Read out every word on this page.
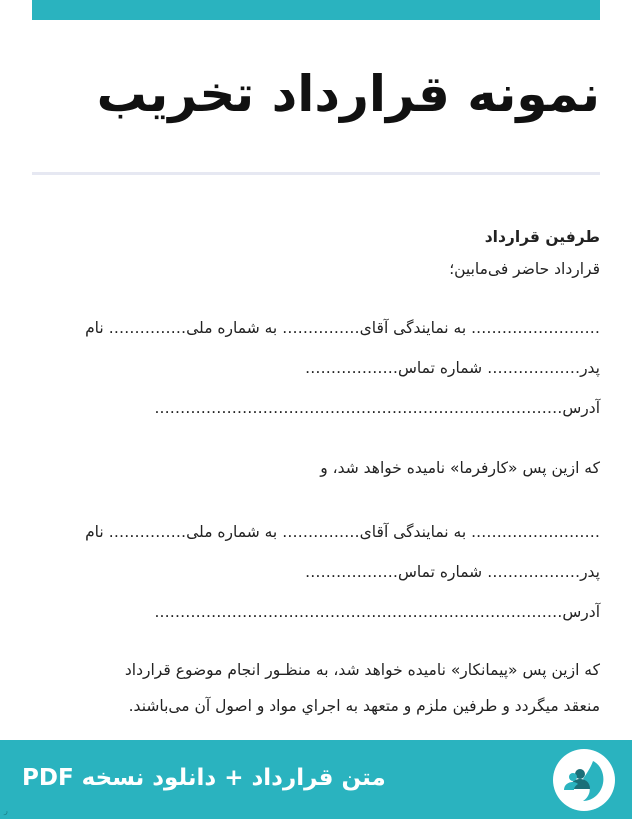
نمونه قرارداد تخریب
طرفین قرارداد
قرارداد حاضر فی‌مابین؛
……………………. به نمایندگی آقای…………… به شماره ملی…………… نام
پدر……………… شماره تماس………………
آدرس…………………………………………………………………….
که ازین پس «کارفرما» نامیده خواهد شد، و
……………………. به نمایندگی آقای…………… به شماره ملی…………… نام
پدر……………… شماره تماس………………
آدرس…………………………………………………………………….
که ازین پس «پیمانکار» نامیده خواهد شد، به منظـور انجام موضوع قرارداد
منعقد ميگردد و طرفين ملزم و متعهد به اجراي مواد و اصول آن می‌باشند.
متن قرارداد + دانلود نسخه PDF
ر
